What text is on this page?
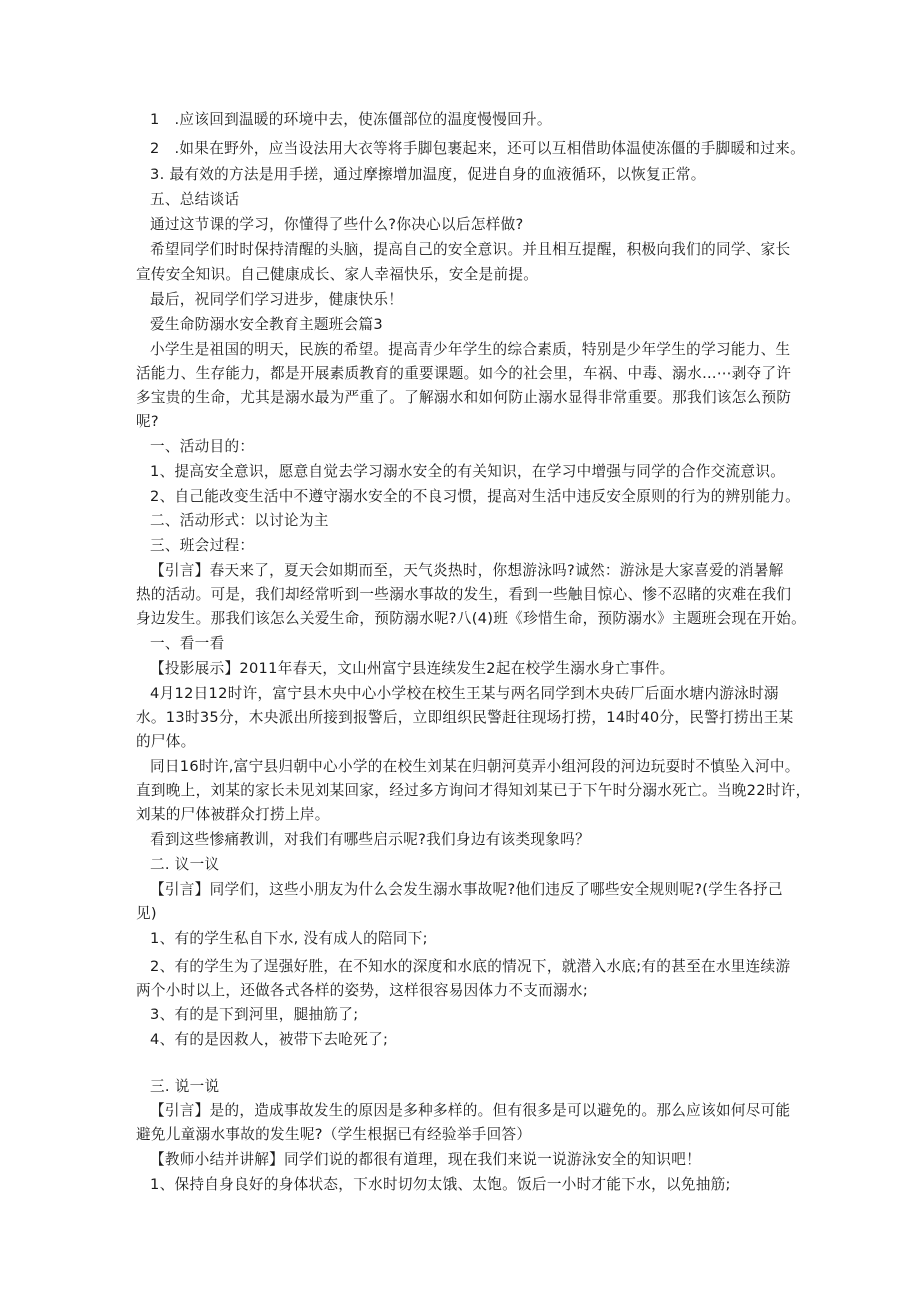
1　.应该回到温暖的环境中去，使冻僵部位的温度慢慢回升。

2　.如果在野外，应当设法用大衣等将手脚包裹起来，还可以互相借助体温使冻僵的手脚暖和过来。

3. 最有效的方法是用手搓，通过摩擦增加温度，促进自身的血液循环，以恢复正常。

五、总结谈话

通过这节课的学习，你懂得了些什么?你决心以后怎样做?

希望同学们时时保持清醒的头脑，提高自己的安全意识。并且相互提醒，积极向我们的同学、家长

宣传安全知识。自己健康成长、家人幸福快乐，安全是前提。

最后，祝同学们学习进步，健康快乐！

爱生命防溺水安全教育主题班会篇3

小学生是祖国的明天，民族的希望。提高青少年学生的综合素质，特别是少年学生的学习能力、生

活能力、生存能力，都是开展素质教育的重要课题。如今的社会里，车祸、中毒、溺水…⋯剥夺了许

多宝贵的生命，尤其是溺水最为严重了。了解溺水和如何防止溺水显得非常重要。那我们该怎么预防

呢?

一、活动目的：

1、提高安全意识，愿意自觉去学习溺水安全的有关知识，在学习中增强与同学的合作交流意识。

2、自己能改变生活中不遵守溺水安全的不良习惯，提高对生活中违反安全原则的行为的辨别能力。

二、活动形式：以讨论为主

三、班会过程：

【引言】春天来了，夏天会如期而至，天气炎热时，你想游泳吗?诚然：游泳是大家喜爱的消暑解

热的活动。可是，我们却经常听到一些溺水事故的发生，看到一些触目惊心、惨不忍睹的灾难在我们

身边发生。那我们该怎么关爱生命，预防溺水呢?八(4)班《珍惜生命，预防溺水》主题班会现在开始。

一、看一看

【投影展示】2011年春天，文山州富宁县连续发生2起在校学生溺水身亡事件。

4月12日12时许，富宁县木央中心小学校在校生王某与两名同学到木央砖厂后面水塘内游泳时溺

水。13时35分，木央派出所接到报警后，立即组织民警赶往现场打捞，14时40分，民警打捞出王某

的尸体。

同日16时许,富宁县归朝中心小学的在校生刘某在归朝河莫弄小组河段的河边玩耍时不慎坠入河中。

直到晚上，刘某的家长未见刘某回家，经过多方询问才得知刘某已于下午时分溺水死亡。当晚22时许，

刘某的尸体被群众打捞上岸。

看到这些惨痛教训，对我们有哪些启示呢?我们身边有该类现象吗？

二. 议一议

【引言】同学们，这些小朋友为什么会发生溺水事故呢?他们违反了哪些安全规则呢?(学生各抒己

见)

1、有的学生私自下水, 没有成人的陪同下;

2、有的学生为了逞强好胜，在不知水的深度和水底的情况下，就潜入水底;有的甚至在水里连续游

两个小时以上，还做各式各样的姿势，这样很容易因体力不支而溺水;

3、有的是下到河里，腿抽筋了;

4、有的是因救人，被带下去呛死了;

三. 说一说

【引言】是的，造成事故发生的原因是多种多样的。但有很多是可以避免的。那么应该如何尽可能

避免儿童溺水事故的发生呢?（学生根据已有经验举手回答）

【教师小结并讲解】同学们说的都很有道理，现在我们来说一说游泳安全的知识吧！

1、保持自身良好的身体状态，下水时切勿太饿、太饱。饭后一小时才能下水，以免抽筋;
